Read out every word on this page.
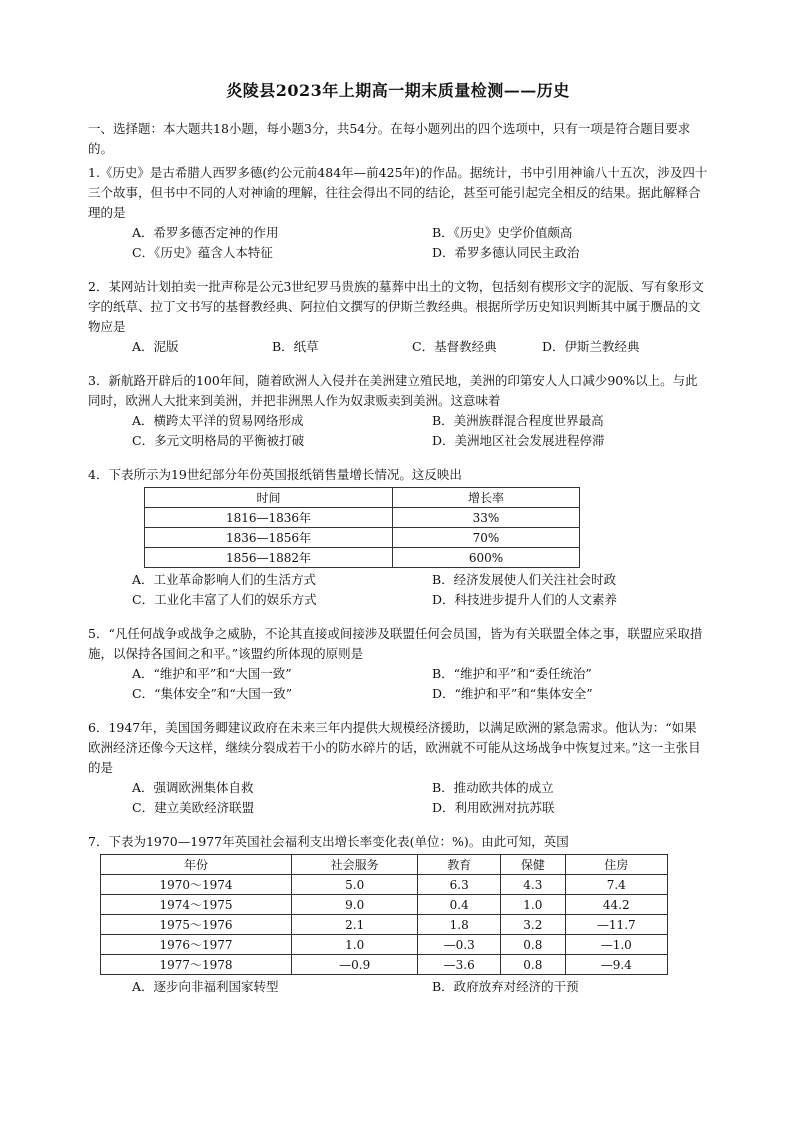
炎陵县2023年上期高一期末质量检测——历史

一、选择题：本大题共18小题，每小题3分，共54分。在每小题列出的四个选项中，只有一项是符合题目要求的。

1.《历史》是古希腊人西罗多德(约公元前484年—前425年)的作品。据统计，书中引用神谕八十五次，涉及四十三个故事，但书中不同的人对神谕的理解，往往会得出不同的结论，甚至可能引起完全相反的结果。据此解释合理的是

A．希罗多德否定神的作用	B．《历史》史学价值颇高
C．《历史》蕴含人本特征	D．希罗多德认同民主政治

2．某网站计划拍卖一批声称是公元3世纪罗马贵族的墓葬中出土的文物，包括刻有楔形文字的泥版、写有象形文字的纸草、拉丁文书写的基督教经典、阿拉伯文撰写的伊斯兰教经典。根据所学历史知识判断其中属于赝品的文物应是

A．泥版	B．纸草	C．基督教经典	D．伊斯兰教经典

3．新航路开辟后的100年间，随着欧洲人入侵并在美洲建立殖民地，美洲的印第安人人口减少90%以上。与此同时，欧洲人大批来到美洲，并把非洲黑人作为奴隶贩卖到美洲。这意味着

A．横跨太平洋的贸易网络形成	B．美洲族群混合程度世界最高
C．多元文明格局的平衡被打破	D．美洲地区社会发展进程停滞

4．下表所示为19世纪部分年份英国报纸销售量增长情况。这反映出

时间	增长率
1816—1836年	33%
1836—1856年	70%
1856—1882年	600%
A．工业革命影响人们的生活方式	B．经济发展使人们关注社会时政
C．工业化丰富了人们的娱乐方式	D．科技进步提升人们的人文素养

5．“凡任何战争或战争之威胁，不论其直接或间接涉及联盟任何会员国，皆为有关联盟全体之事，联盟应采取措施，以保持各国间之和平。”该盟约所体现的原则是

A．“维护和平”和“大国一致”	B．“维护和平”和“委任统治”
C．“集体安全”和“大国一致”	D．“维护和平”和“集体安全”

6．1947年，美国国务卿建议政府在未来三年内提供大规模经济援助，以满足欧洲的紧急需求。他认为：“如果欧洲经济还像今天这样，继续分裂成若干小的防水碎片的话，欧洲就不可能从这场战争中恢复过来。”这一主张目的是

A．强调欧洲集体自救	B．推动欧共体的成立
C．建立美欧经济联盟	D．利用欧洲对抗苏联

7．下表为1970—1977年英国社会福利支出增长率变化表(单位：%)。由此可知，英国

年份	社会服务	教育	保健	住房
1970～1974	5.0	6.3	4.3	7.4
1974～1975	9.0	0.4	1.0	44.2
1975～1976	2.1	1.8	3.2	—11.7
1976～1977	1.0	—0.3	0.8	—1.0
1977～1978	—0.9	—3.6	0.8	—9.4
A．逐步向非福利国家转型	B．政府放弃对经济的干预
